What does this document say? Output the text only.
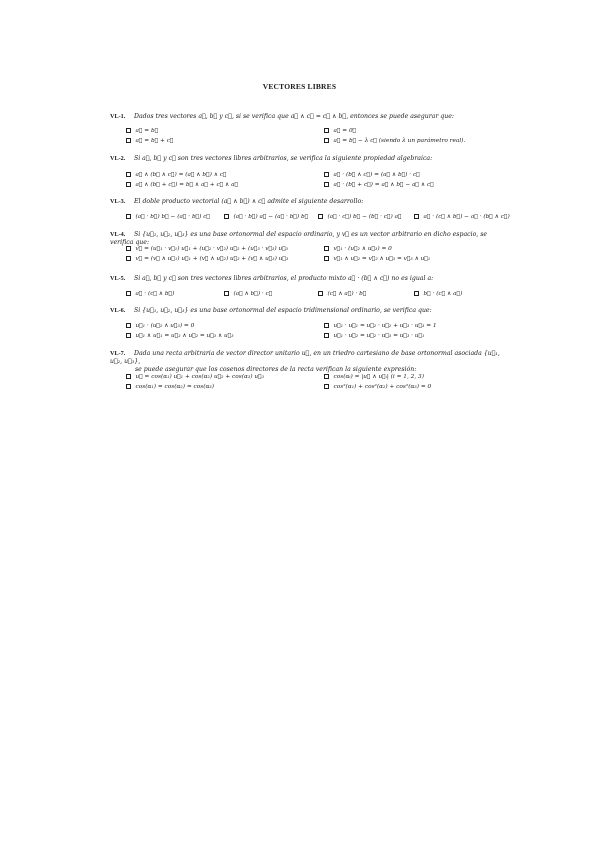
VECTORES LIBRES
VL-1. Dados tres vectores a⃗, b⃗ y c⃗, si se verifica que a⃗ ∧ c⃗ = c⃗ ∧ b⃗, entonces se puede asegurar que:
a⃗ = b⃗	a⃗ = 0⃗
a⃗ = b⃗ + c⃗	a⃗ = b⃗ − λ c⃗ (siendo λ un parámetro real).
VL-2. Si a⃗, b⃗ y c⃗ son tres vectores libres arbitrarios, se verifica la siguiente propiedad algebraica:
a⃗ ∧ (b⃗ ∧ c⃗) = (a⃗ ∧ b⃗) ∧ c⃗	a⃗ · (b⃗ ∧ c⃗) = (a⃗ ∧ b⃗) · c⃗
a⃗ ∧ (b⃗ + c⃗) = b⃗ ∧ a⃗ + c⃗ ∧ a⃗	a⃗ · (b⃗ + c⃗) = a⃗ ∧ b⃗ − a⃗ ∧ c⃗
VL-3. El doble producto vectorial (a⃗ ∧ b⃗) ∧ c⃗ admite el siguiente desarrollo:
(a⃗ · b⃗) b⃗ − (a⃗ · b⃗) c⃗	(a⃗ · b⃗) a⃗ − (a⃗ · b⃗) b⃗	(a⃗ · c⃗) b⃗ − (b⃗ · c⃗) a⃗	a⃗ · (c⃗ ∧ b⃗) − a⃗ · (b⃗ ∧ c⃗)
VL-4. Si {u⃗₁, u⃗₂, u⃗₃} es una base ortonormal del espacio ordinario, y v⃗ es un vector arbitrario en dicho espacio, se verifica que:
v⃗ = (u⃗₁ · v⃗₁) u⃗₁ + (u⃗₂ · v⃗₂) u⃗₂ + (u⃗₃ · v⃗₃) u⃗₃	v⃗₁ · (u⃗₂ ∧ u⃗₃) = 0
v⃗ = (v⃗ ∧ u⃗₁) u⃗₁ + (v⃗ ∧ u⃗₂) u⃗₂ + (v⃗ ∧ u⃗₃) u⃗₃	v⃗₁ ∧ u⃗₂ = v⃗₂ ∧ u⃗₃ = v⃗₃ ∧ u⃗₁
VL-5. Si a⃗, b⃗ y c⃗ son tres vectores libres arbitrarios, el producto mixto a⃗ · (b⃗ ∧ c⃗) no es igual a:
a⃗ · (c⃗ ∧ b⃗)	(a⃗ ∧ b⃗) · c⃗	(c⃗ ∧ a⃗) · b⃗	b⃗ · (c⃗ ∧ a⃗)
VL-6. Si {u⃗₁, u⃗₂, u⃗₃} es una base ortonormal del espacio tridimensional ordinario, se verifica que:
u⃗₁ · (u⃗₂ ∧ u⃗₃) = 0	u⃗₁ · u⃗₁ = u⃗₂ · u⃗₂ + u⃗₃ · u⃗₃ = 1
u⃗₁ ∧ u⃗₁ = u⃗₂ ∧ u⃗₂ = u⃗₃ ∧ u⃗₃	u⃗₁ · u⃗₂ = u⃗₂ · u⃗₃ = u⃗₃ · u⃗₁
VL-7. Dada una recta arbitraria de vector director unitario u⃗, en un triedro cartesiano de base ortonormal asociada {u⃗₁, u⃗₂, u⃗₃},
se puede asegurar que los cosenos directores de la recta verifican la siguiente expresión:
u⃗ = cos(α₁) u⃗₁ + cos(α₂) u⃗₂ + cos(α₃) u⃗₃	cos(αᵢ) = |u⃗ ∧ u⃗ᵢ| (i = 1, 2, 3)
cos(α₁) = cos(α₂) = cos(α₃)	cos²(α₁) + cos²(α₂) + cos²(α₃) = 0
